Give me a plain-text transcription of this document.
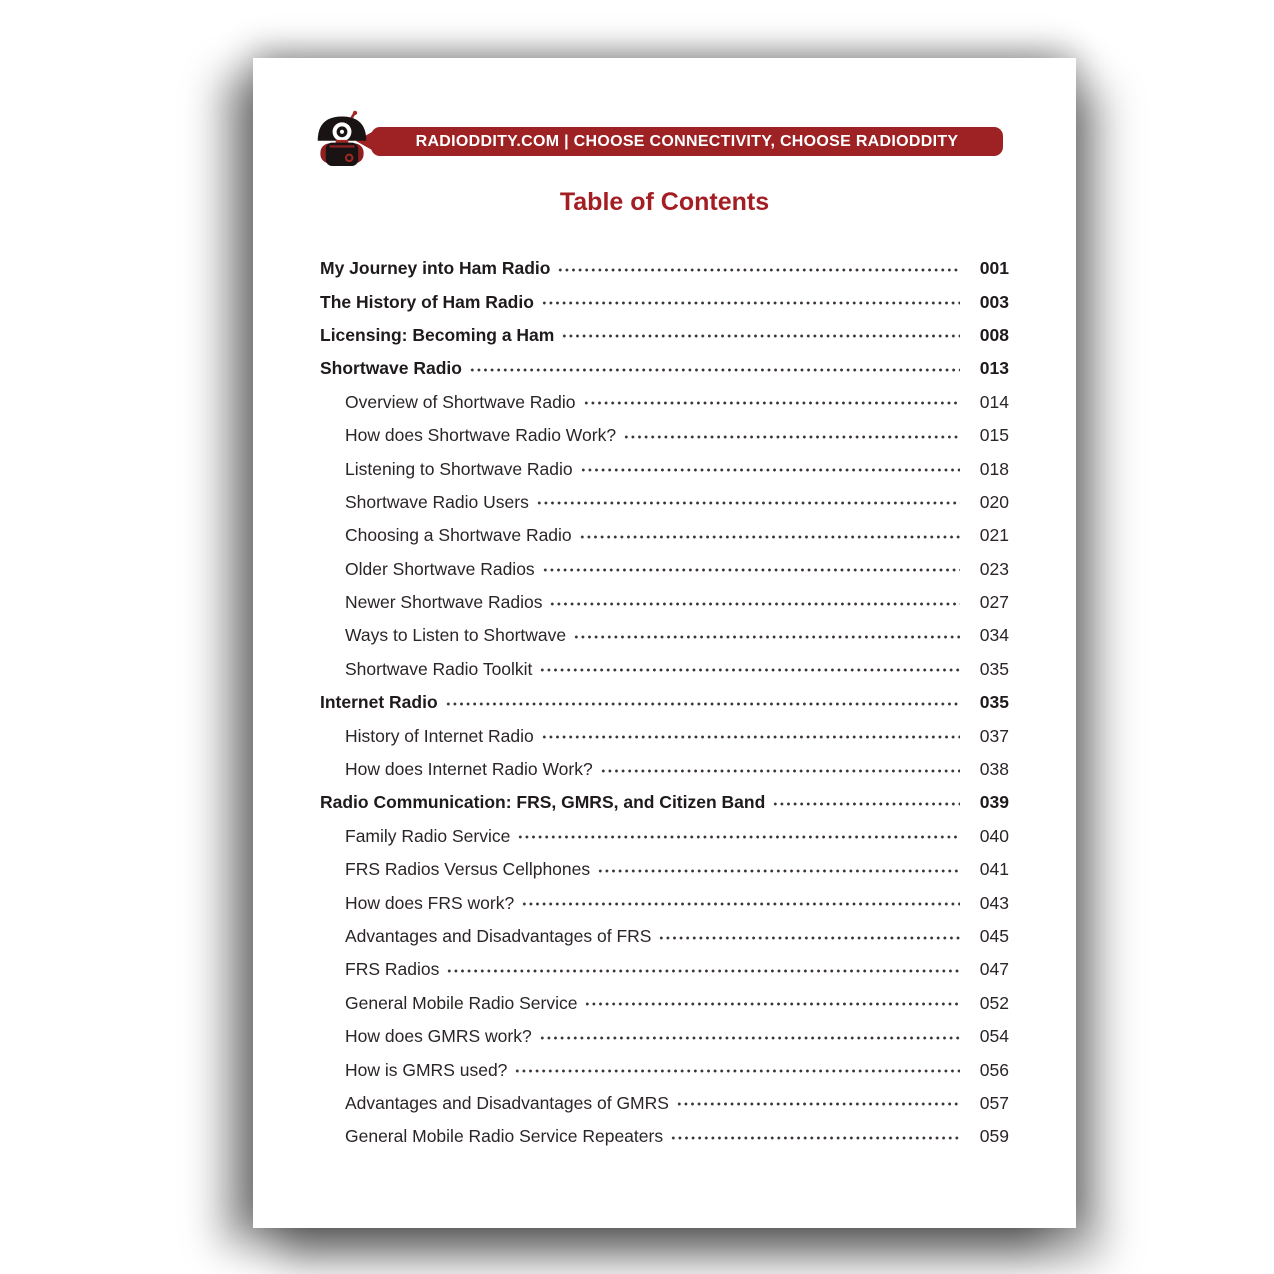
RADIODDITY.COM | CHOOSE CONNECTIVITY, CHOOSE RADIODDITY
Table of Contents
My Journey into Ham Radio	001
The History of Ham Radio	003
Licensing: Becoming a Ham	008
Shortwave Radio	013
Overview of Shortwave Radio	014
How does Shortwave Radio Work?	015
Listening to Shortwave Radio	018
Shortwave Radio Users	020
Choosing a Shortwave Radio	021
Older Shortwave Radios	023
Newer Shortwave Radios	027
Ways to Listen to Shortwave	034
Shortwave Radio Toolkit	035
Internet Radio	035
History of Internet Radio	037
How does Internet Radio Work?	038
Radio Communication: FRS, GMRS, and Citizen Band	039
Family Radio Service	040
FRS Radios Versus Cellphones	041
How does FRS work?	043
Advantages and Disadvantages of FRS	045
FRS Radios	047
General Mobile Radio Service	052
How does GMRS work?	054
How is GMRS used?	056
Advantages and Disadvantages of GMRS	057
General Mobile Radio Service Repeaters	059
